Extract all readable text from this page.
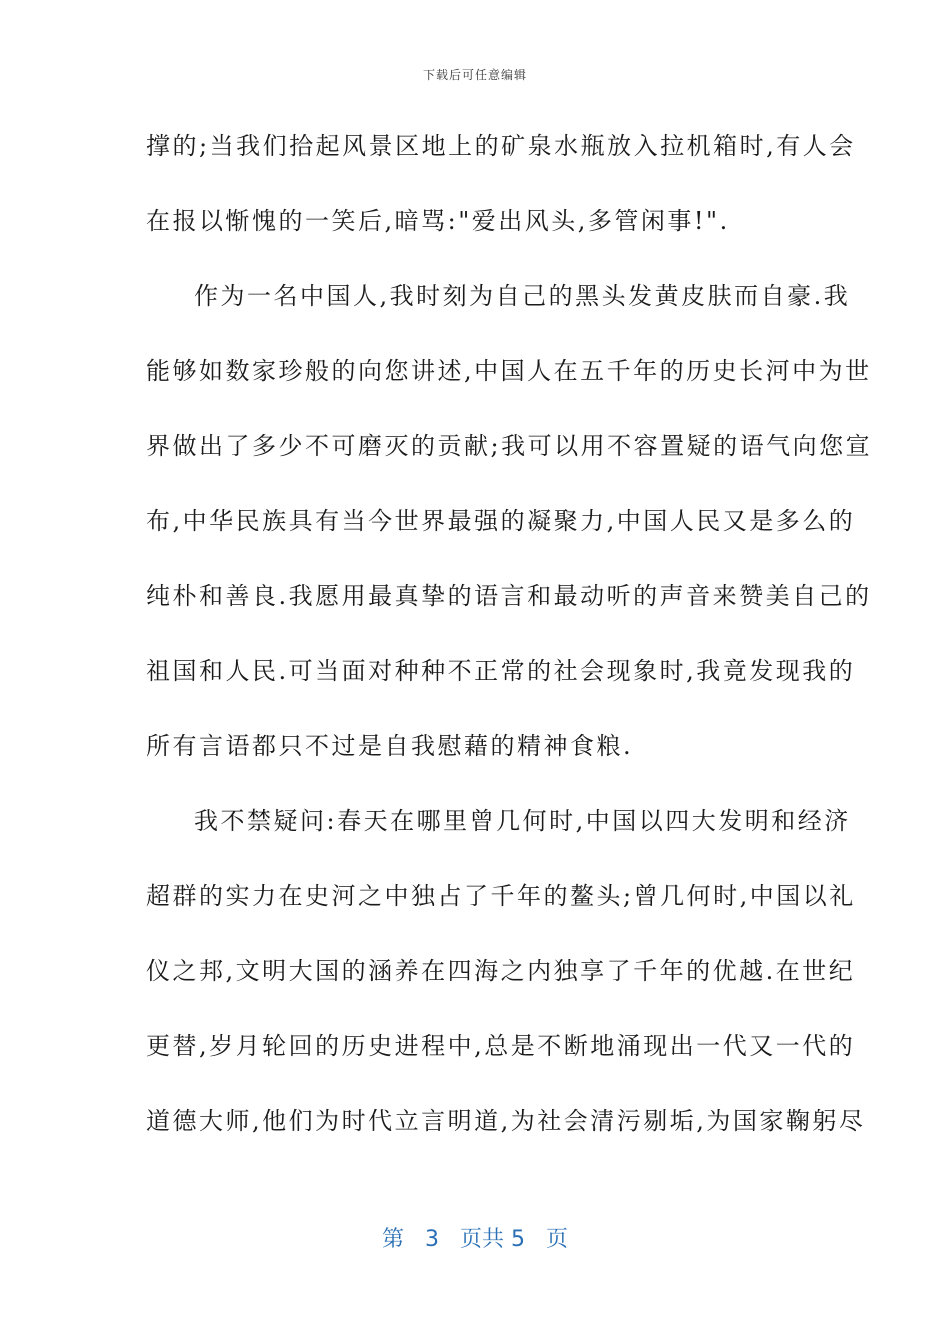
下载后可任意编辑
撑的;当我们拾起风景区地上的矿泉水瓶放入拉机箱时,有人会
在报以惭愧的一笑后,暗骂:"爱出风头,多管闲事!".
作为一名中国人,我时刻为自己的黑头发黄皮肤而自豪.我
能够如数家珍般的向您讲述,中国人在五千年的历史长河中为世
界做出了多少不可磨灭的贡献;我可以用不容置疑的语气向您宣
布,中华民族具有当今世界最强的凝聚力,中国人民又是多么的
纯朴和善良.我愿用最真挚的语言和最动听的声音来赞美自己的
祖国和人民.可当面对种种不正常的社会现象时,我竟发现我的
所有言语都只不过是自我慰藉的精神食粮.
我不禁疑问:春天在哪里曾几何时,中国以四大发明和经济
超群的实力在史河之中独占了千年的鳌头;曾几何时,中国以礼
仪之邦,文明大国的涵养在四海之内独享了千年的优越.在世纪
更替,岁月轮回的历史进程中,总是不断地涌现出一代又一代的
道德大师,他们为时代立言明道,为社会清污剔垢,为国家鞠躬尽
第 3 页共 5 页
